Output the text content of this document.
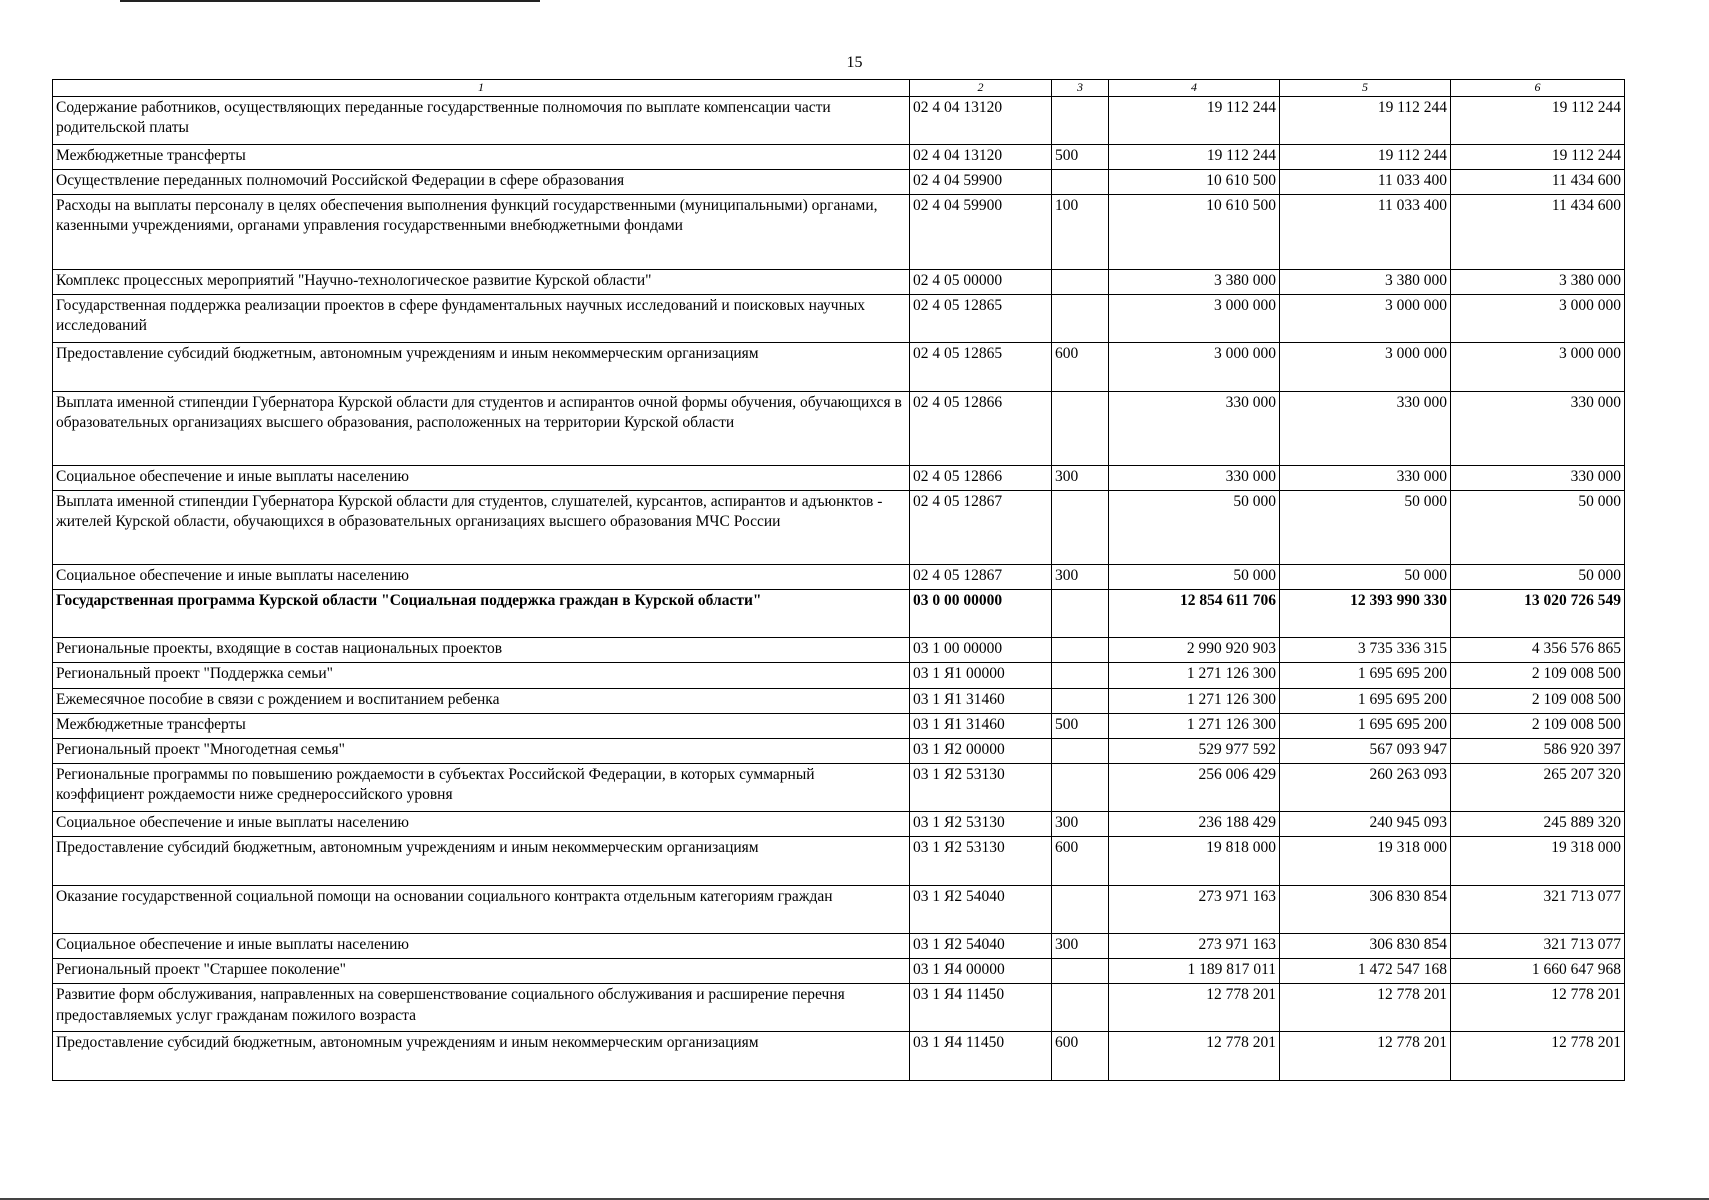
15
1	2	3	4	5	6
Содержание работников, осуществляющих переданные государственные полномочия по выплате компенсации части родительской платы	02 4 04 13120		19 112 244	19 112 244	19 112 244
Межбюджетные трансферты	02 4 04 13120	500	19 112 244	19 112 244	19 112 244
Осуществление переданных полномочий Российской Федерации в сфере образования	02 4 04 59900		10 610 500	11 033 400	11 434 600
Расходы на выплаты персоналу в целях обеспечения выполнения функций государственными (муниципальными) органами, казенными учреждениями, органами управления государственными внебюджетными фондами	02 4 04 59900	100	10 610 500	11 033 400	11 434 600
Комплекс процессных мероприятий "Научно-технологическое развитие Курской области"	02 4 05 00000		3 380 000	3 380 000	3 380 000
Государственная поддержка реализации проектов в сфере фундаментальных научных исследований и поисковых научных исследований	02 4 05 12865		3 000 000	3 000 000	3 000 000
Предоставление субсидий бюджетным, автономным учреждениям и иным некоммерческим организациям	02 4 05 12865	600	3 000 000	3 000 000	3 000 000
Выплата именной стипендии Губернатора Курской области для студентов и аспирантов очной формы обучения, обучающихся в образовательных организациях высшего образования, расположенных на территории Курской области	02 4 05 12866		330 000	330 000	330 000
Социальное обеспечение и иные выплаты населению	02 4 05 12866	300	330 000	330 000	330 000
Выплата именной стипендии Губернатора Курской области для студентов, слушателей, курсантов, аспирантов и адъюнктов - жителей Курской области, обучающихся в образовательных организациях высшего образования МЧС России	02 4 05 12867		50 000	50 000	50 000
Социальное обеспечение и иные выплаты населению	02 4 05 12867	300	50 000	50 000	50 000
Государственная программа Курской области "Социальная поддержка граждан в Курской области"	03 0 00 00000		12 854 611 706	12 393 990 330	13 020 726 549
Региональные проекты, входящие в состав национальных проектов	03 1 00 00000		2 990 920 903	3 735 336 315	4 356 576 865
Региональный проект "Поддержка семьи"	03 1 Я1 00000		1 271 126 300	1 695 695 200	2 109 008 500
Ежемесячное пособие в связи с рождением и воспитанием ребенка	03 1 Я1 31460		1 271 126 300	1 695 695 200	2 109 008 500
Межбюджетные трансферты	03 1 Я1 31460	500	1 271 126 300	1 695 695 200	2 109 008 500
Региональный проект "Многодетная семья"	03 1 Я2 00000		529 977 592	567 093 947	586 920 397
Региональные программы по повышению рождаемости в субъектах Российской Федерации, в которых суммарный коэффициент рождаемости ниже среднероссийского уровня	03 1 Я2 53130		256 006 429	260 263 093	265 207 320
Социальное обеспечение и иные выплаты населению	03 1 Я2 53130	300	236 188 429	240 945 093	245 889 320
Предоставление субсидий бюджетным, автономным учреждениям и иным некоммерческим организациям	03 1 Я2 53130	600	19 818 000	19 318 000	19 318 000
Оказание государственной социальной помощи на основании социального контракта отдельным категориям граждан	03 1 Я2 54040		273 971 163	306 830 854	321 713 077
Социальное обеспечение и иные выплаты населению	03 1 Я2 54040	300	273 971 163	306 830 854	321 713 077
Региональный проект "Старшее поколение"	03 1 Я4 00000		1 189 817 011	1 472 547 168	1 660 647 968
Развитие форм обслуживания, направленных на совершенствование социального обслуживания и расширение перечня предоставляемых услуг гражданам пожилого возраста	03 1 Я4 11450		12 778 201	12 778 201	12 778 201
Предоставление субсидий бюджетным, автономным учреждениям и иным некоммерческим организациям	03 1 Я4 11450	600	12 778 201	12 778 201	12 778 201
